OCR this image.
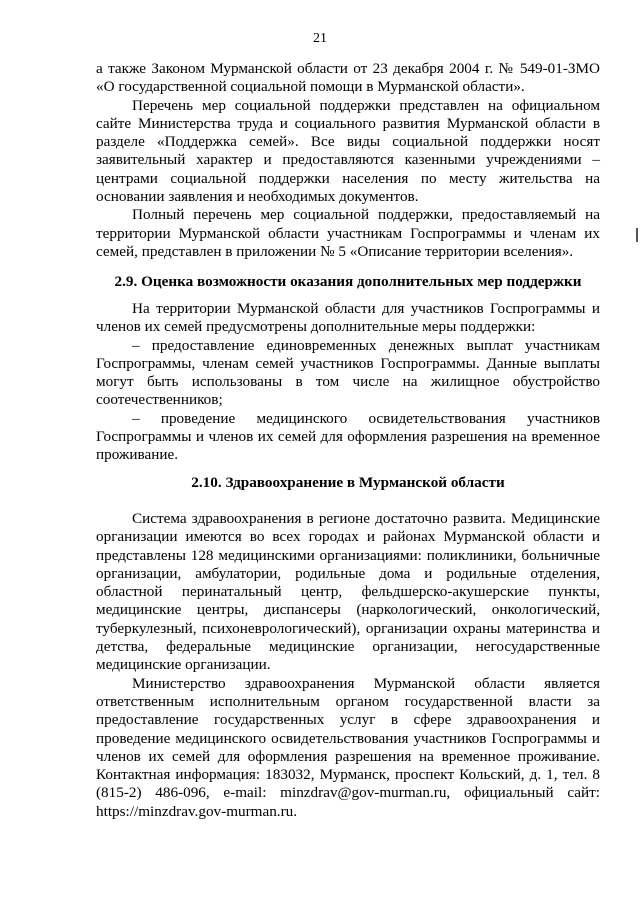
21

а также Законом Мурманской области от 23 декабря 2004 г. № 549-01-ЗМО «О государственной социальной помощи в Мурманской области».

Перечень мер социальной поддержки представлен на официальном сайте Министерства труда и социального развития Мурманской области в разделе «Поддержка семей». Все виды социальной поддержки носят заявительный характер и предоставляются казенными учреждениями – центрами социальной поддержки населения по месту жительства на основании заявления и необходимых документов.

Полный перечень мер социальной поддержки, предоставляемый на территории Мурманской области участникам Госпрограммы и членам их семей, представлен в приложении № 5 «Описание территории вселения».

2.9. Оценка возможности оказания дополнительных мер поддержки

На территории Мурманской области для участников Госпрограммы и членов их семей предусмотрены дополнительные меры поддержки:

– предоставление единовременных денежных выплат участникам Госпрограммы, членам семей участников Госпрограммы. Данные выплаты могут быть использованы в том числе на жилищное обустройство соотечественников;

– проведение медицинского освидетельствования участников Госпрограммы и членов их семей для оформления разрешения на временное проживание.

2.10. Здравоохранение в Мурманской области

Система здравоохранения в регионе достаточно развита. Медицинские организации имеются во всех городах и районах Мурманской области и представлены 128 медицинскими организациями: поликлиники, больничные организации, амбулатории, родильные дома и родильные отделения, областной перинатальный центр, фельдшерско-акушерские пункты, медицинские центры, диспансеры (наркологический, онкологический, туберкулезный, психоневрологический), организации охраны материнства и детства, федеральные медицинские организации, негосударственные медицинские организации.

Министерство здравоохранения Мурманской области является ответственным исполнительным органом государственной власти за предоставление государственных услуг в сфере здравоохранения и проведение медицинского освидетельствования участников Госпрограммы и членов их семей для оформления разрешения на временное проживание. Контактная информация: 183032, Мурманск, проспект Кольский, д. 1, тел. 8 (815-2) 486-096, e-mail: minzdrav@gov-murman.ru, официальный сайт: https://minzdrav.gov-murman.ru.
